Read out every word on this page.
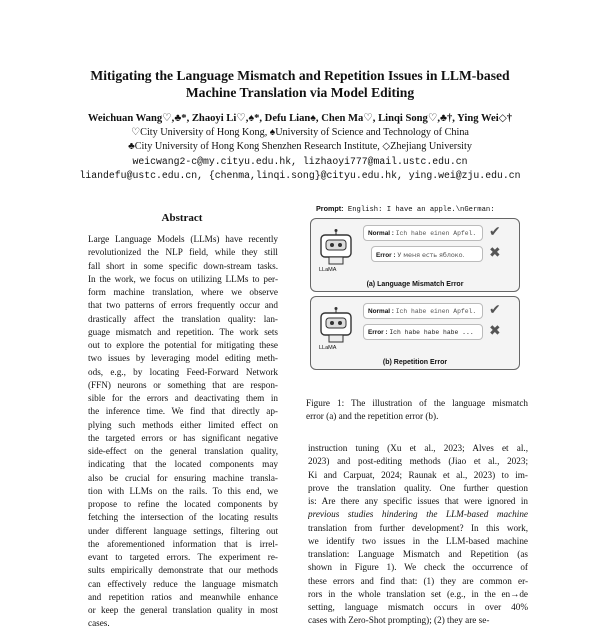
Mitigating the Language Mismatch and Repetition Issues in LLM-based
Machine Translation via Model Editing
Weichuan Wang♡,♣*, Zhaoyi Li♡,♠*, Defu Lian♠, Chen Ma♡, Linqi Song♡,♣†, Ying Wei◇†
♡City University of Hong Kong, ♠University of Science and Technology of China
♣City University of Hong Kong Shenzhen Research Institute, ◇Zhejiang University
weicwang2-c@my.cityu.edu.hk, lizhaoyi777@mail.ustc.edu.cn
liandefu@ustc.edu.cn, {chenma,linqi.song}@cityu.edu.hk, ying.wei@zju.edu.cn
Abstract
Large Language Models (LLMs) have recently
revolutionized the NLP field, while they still
fall short in some specific down-stream tasks.
In the work, we focus on utilizing LLMs to per-
form machine translation, where we observe
that two patterns of errors frequently occur and
drastically affect the translation quality: lan-
guage mismatch and repetition. The work sets
out to explore the potential for mitigating these
two issues by leveraging model editing meth-
ods, e.g., by locating Feed-Forward Network
(FFN) neurons or something that are respon-
sible for the errors and deactivating them in
the inference time. We find that directly ap-
plying such methods either limited effect on
the targeted errors or has significant negative
side-effect on the general translation quality,
indicating that the located components may
also be crucial for ensuring machine transla-
tion with LLMs on the rails. To this end, we
propose to refine the located components by
fetching the intersection of the locating results
under different language settings, filtering out
the aforementioned information that is irrel-
evant to targeted errors. The experiment re-
sults empirically demonstrate that our methods
can effectively reduce the language mismatch
and repetition ratios and meanwhile enhance
or keep the general translation quality in most
cases.
Prompt: English: I have an apple.\nGerman:
LLaMA
Normal : Ich habe einen Apfel.
Error : У меня есть яблоко.
✔
✖
(a) Language Mismatch Error
LLaMA
Normal : Ich habe einen Apfel.
Error : Ich habe habe habe ...
✔
✖
(b) Repetition Error
Figure 1: The illustration of the language mismatch
error (a) and the repetition error (b).
instruction tuning (Xu et al., 2023; Alves et al.,
2023) and post-editing methods (Jiao et al., 2023;
Ki and Carpuat, 2024; Raunak et al., 2023) to im-
prove the translation quality. One further question
is: Are there any specific issues that were ignored in
previous studies hindering the LLM-based machine
translation from further development? In this work,
we identify two issues in the LLM-based machine
translation: Language Mismatch and Repetition (as
shown in Figure 1). We check the occurrence of
these errors and find that: (1) they are common er-
rors in the whole translation set (e.g., in the en→de
setting, language mismatch occurs in over 40%
cases with Zero-Shot prompting); (2) they are se-
